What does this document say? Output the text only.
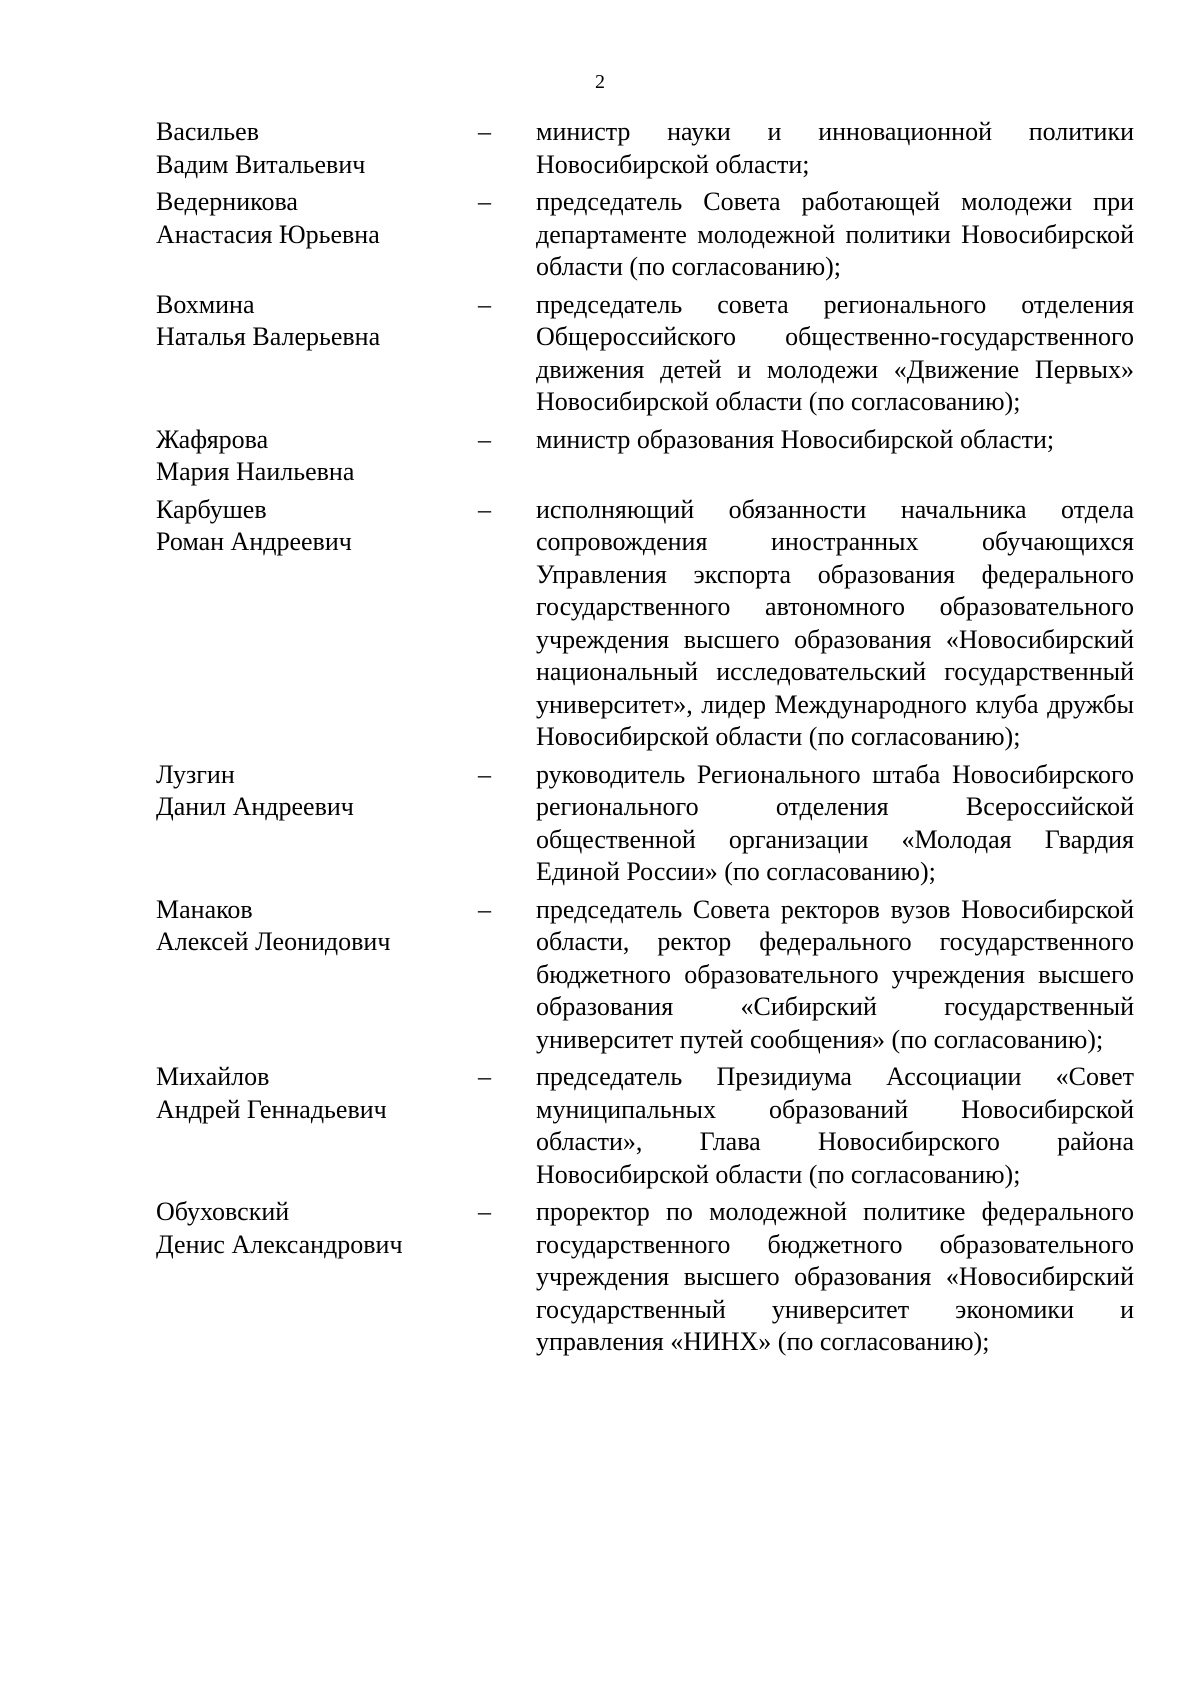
2
Васильев
Вадим Витальевич
–	министр науки и инновационной политики Новосибирской области;
Ведерникова
Анастасия Юрьевна
–	председатель Совета работающей молодежи при департаменте молодежной политики Новосибирской области (по согласованию);
Вохмина
Наталья Валерьевна
–	председатель совета регионального отделения Общероссийского общественно-государственного движения детей и молодежи «Движение Первых» Новосибирской области (по согласованию);
Жафярова
Мария Наильевна
–	министр образования Новосибирской области;
Карбушев
Роман Андреевич
–	исполняющий обязанности начальника отдела сопровождения иностранных обучающихся Управления экспорта образования федерального государственного автономного образовательного учреждения высшего образования «Новосибирский национальный исследовательский государственный университет», лидер Международного клуба дружбы Новосибирской области (по согласованию);
Лузгин
Данил Андреевич
–	руководитель Регионального штаба Новосибирского регионального отделения Всероссийской общественной организации «Молодая Гвардия Единой России» (по согласованию);
Манаков
Алексей Леонидович
–	председатель Совета ректоров вузов Новосибирской области, ректор федерального государственного бюджетного образовательного учреждения высшего образования «Сибирский государственный университет путей сообщения» (по согласованию);
Михайлов
Андрей Геннадьевич
–	председатель Президиума Ассоциации «Совет муниципальных образований Новосибирской области», Глава Новосибирского района Новосибирской области (по согласованию);
Обуховский
Денис Александрович
–	проректор по молодежной политике федерального государственного бюджетного образовательного учреждения высшего образования «Новосибирский государственный университет экономики и управления «НИНХ» (по согласованию);
